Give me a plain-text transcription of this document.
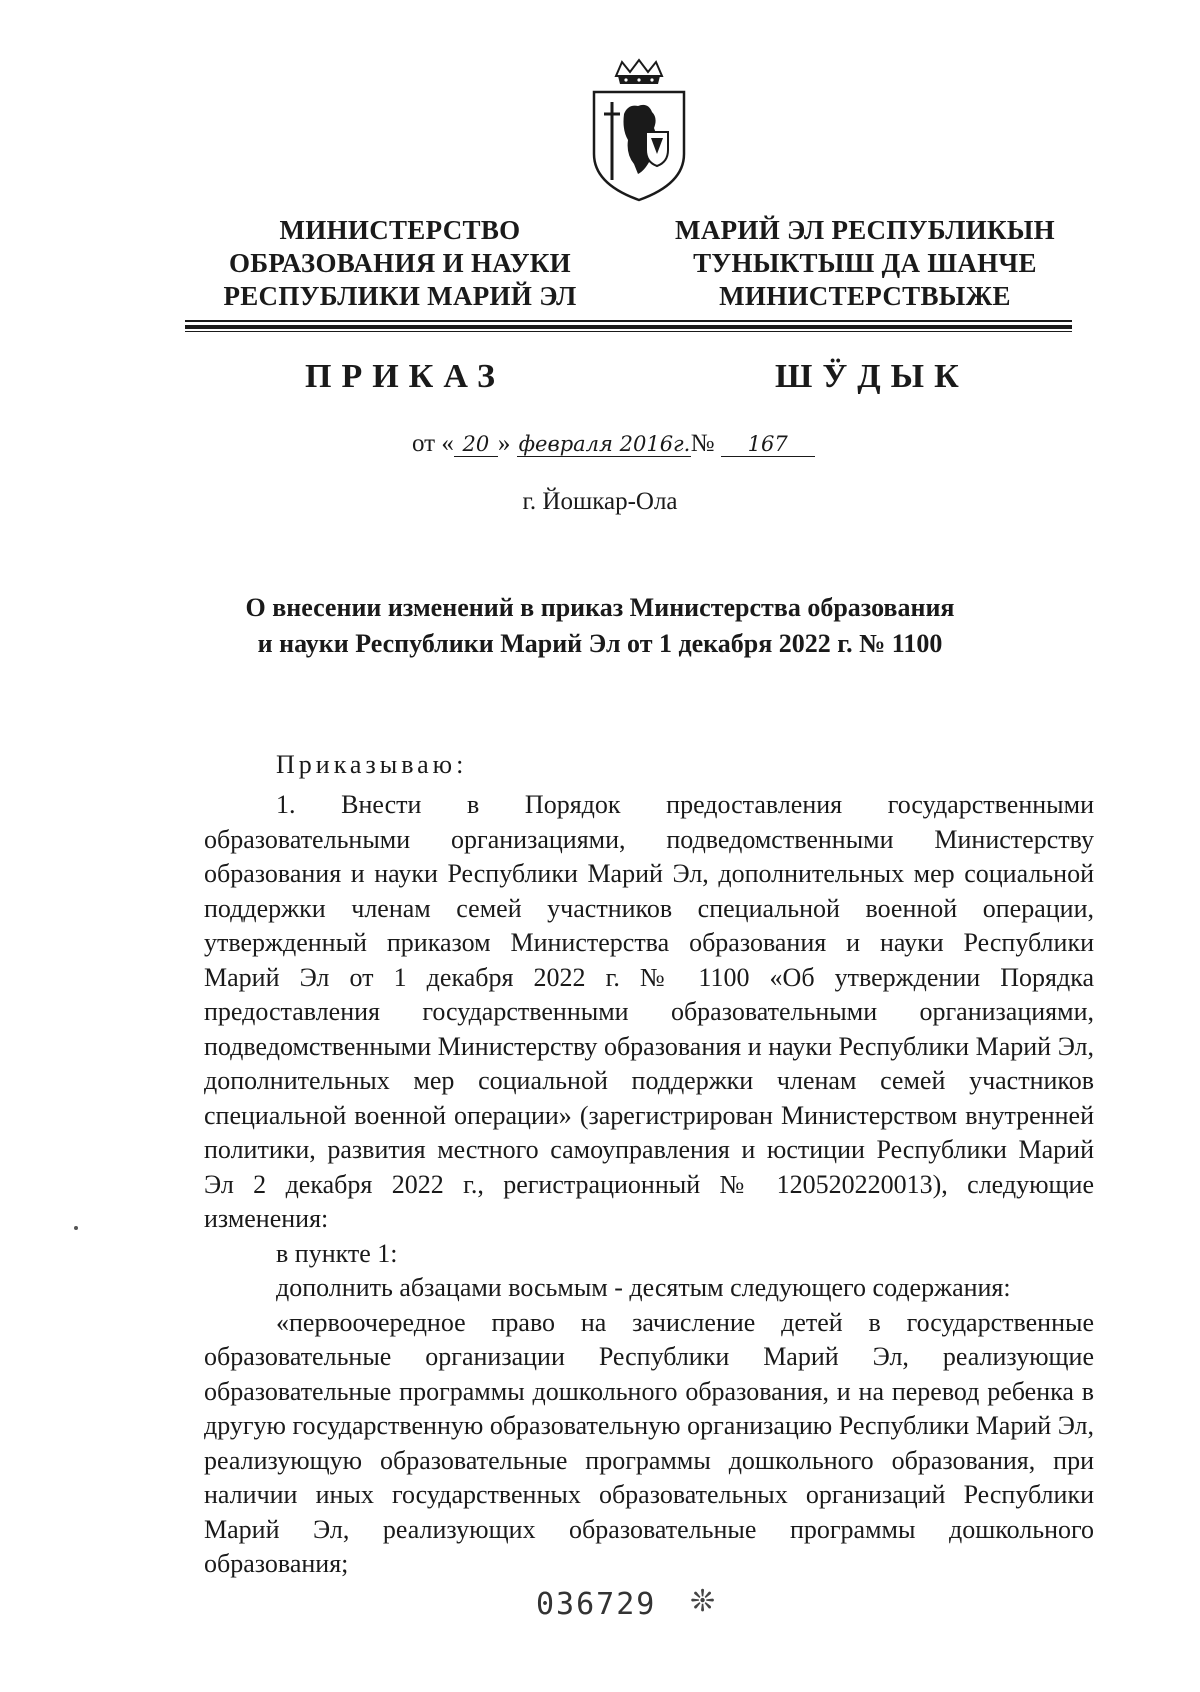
МИНИСТЕРСТВО
ОБРАЗОВАНИЯ И НАУКИ
РЕСПУБЛИКИ МАРИЙ ЭЛ
МАРИЙ ЭЛ РЕСПУБЛИКЫН
ТУНЫКТЫШ ДА ШАНЧЕ
МИНИСТЕРСТВЫЖЕ
ПРИКАЗ	ШӰДЫК
от « 20 » февраля 2016г.№ 167
г. Йошкар-Ола
О внесении изменений в приказ Министерства образования
и науки Республики Марий Эл от 1 декабря 2022 г. № 1100
Приказываю:

1. Внести в Порядок предоставления государственными образовательными организациями, подведомственными Министерству образования и науки Республики Марий Эл, дополнительных мер социальной поддержки членам семей участников специальной военной операции, утвержденный приказом Министерства образования и науки Республики Марий Эл от 1 декабря 2022 г. № 1100 «Об утверждении Порядка предоставления государственными образовательными организациями, подведомственными Министерству образования и науки Республики Марий Эл, дополнительных мер социальной поддержки членам семей участников специальной военной операции» (зарегистрирован Министерством внутренней политики, развития местного самоуправления и юстиции Республики Марий Эл 2 декабря 2022 г., регистрационный № 120520220013), следующие изменения:

в пункте 1:

дополнить абзацами восьмым - десятым следующего содержания:

«первоочередное право на зачисление детей в государственные образовательные организации Республики Марий Эл, реализующие образовательные программы дошкольного образования, и на перевод ребенка в другую государственную образовательную организацию Республики Марий Эл, реализующую образовательные программы дошкольного образования, при наличии иных государственных образовательных организаций Республики Марий Эл, реализующих образовательные программы дошкольного образования;

036729 ❊
